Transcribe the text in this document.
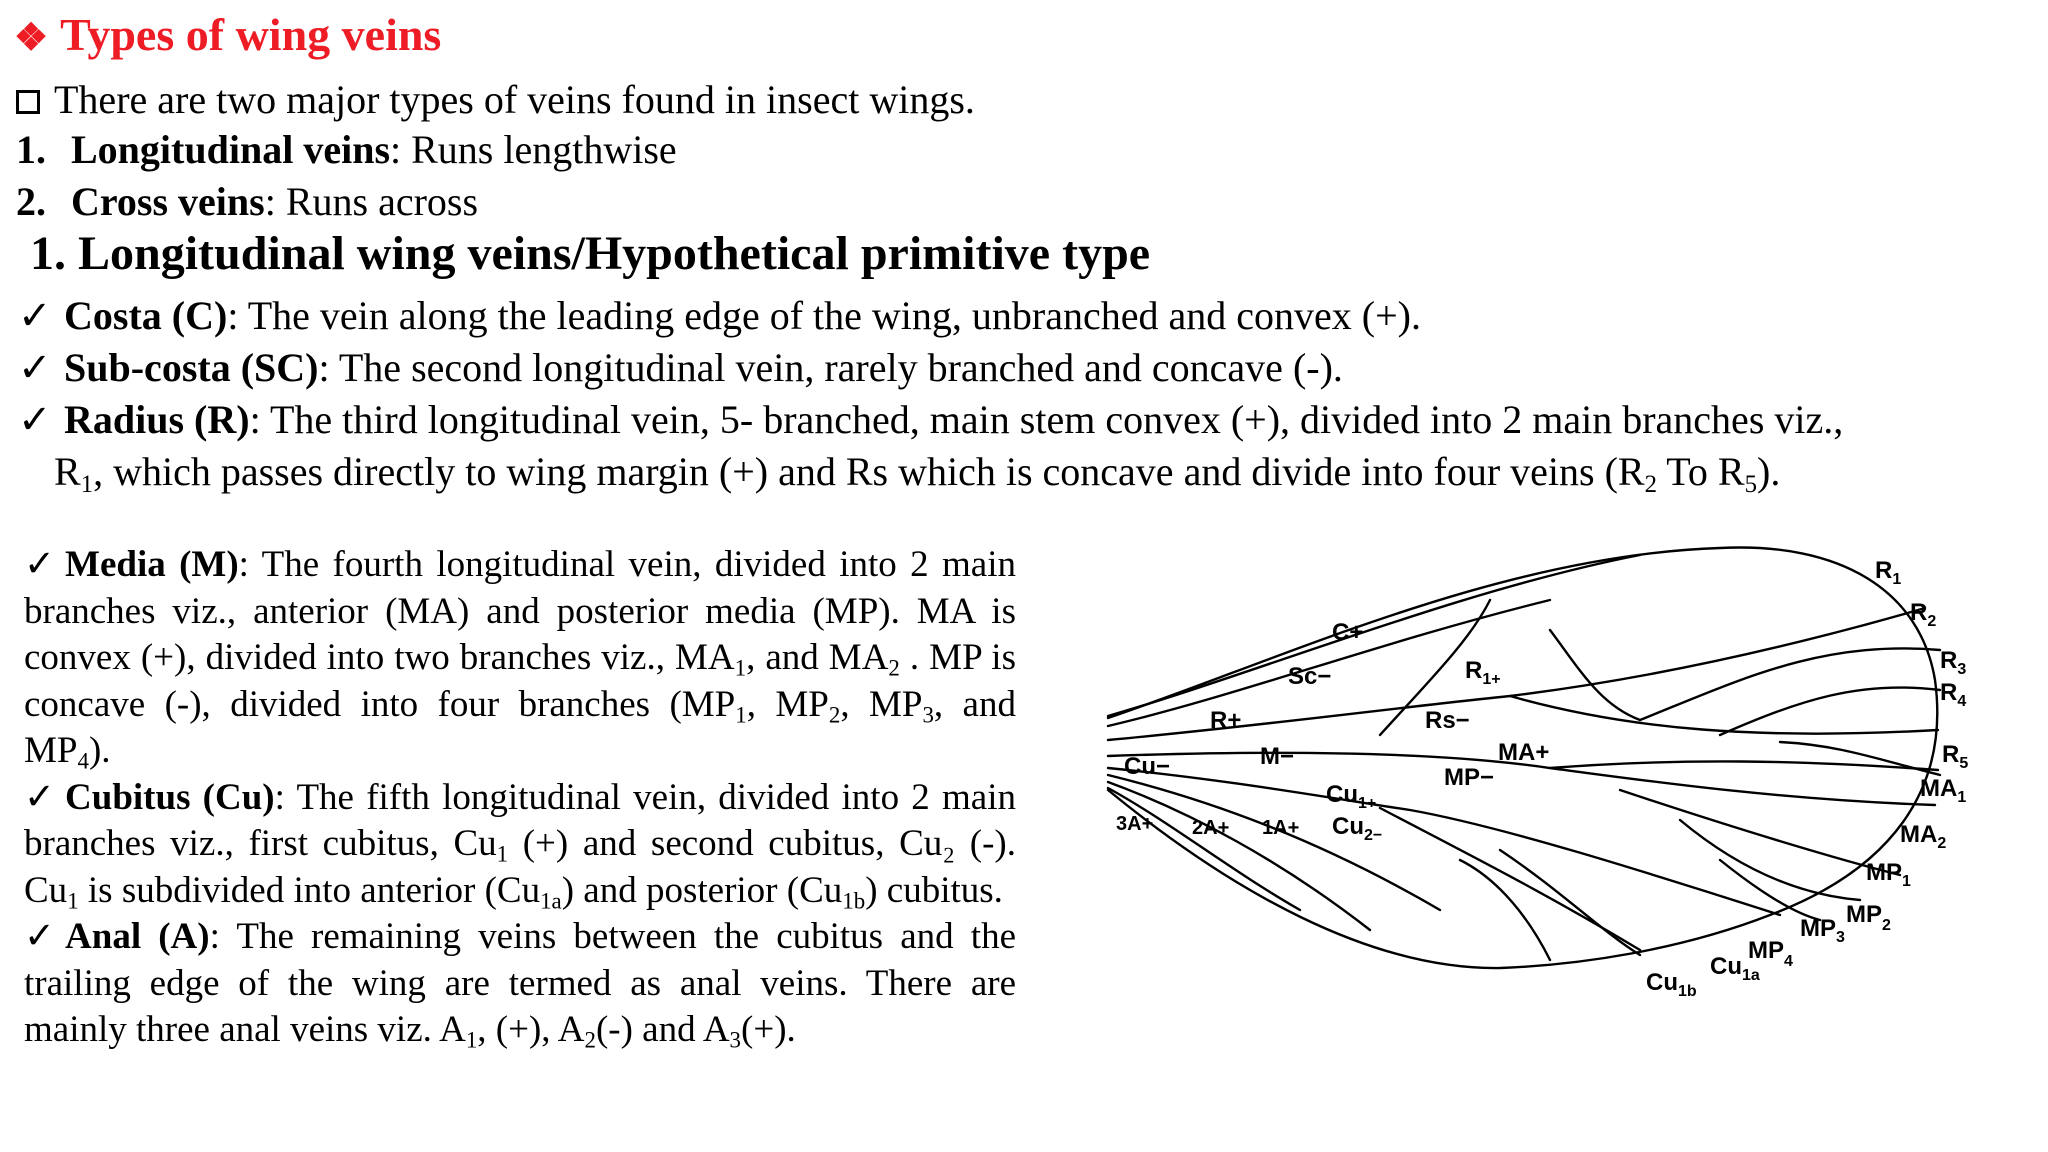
❖ Types of wing veins
There are two major types of veins found in insect wings.
1. Longitudinal veins: Runs lengthwise
2. Cross veins: Runs across
1. Longitudinal wing veins/Hypothetical primitive type
✓ Costa (C): The vein along the leading edge of the wing, unbranched and convex (+).
✓ Sub-costa (SC): The second longitudinal vein, rarely branched and concave (-).
✓ Radius (R): The third longitudinal vein, 5- branched, main stem convex (+), divided into 2 main branches viz.,
$R_1$, which passes directly to wing margin (+) and Rs which is concave and divide into four veins ($R_2$ To $R_5$).

✓ Media (M): The fourth longitudinal vein, divided into 2 main branches viz., anterior (MA) and posterior media (MP). MA is convex (+), divided into two branches viz., $MA_1$, and $MA_2$ . MP is concave (-), divided into four branches ($MP_1$, $MP_2$, $MP_3$, and $MP_4$).

✓ Cubitus (Cu): The fifth longitudinal vein, divided into 2 main branches viz., first cubitus, $Cu_1$ (+) and second cubitus, Cu₂ (-). $Cu_1$ is subdivided into anterior $(Cu_{1a})$ and posterior $(Cu_{1b})$ cubitus.

✓ Anal (A): The remaining veins between the cubitus and the trailing edge of the wing are termed as anal veins. There are mainly three anal veins viz. $A_1$, (+), $A_2(-)$ and $A_3(+)$.

C+
Sc−
R+
M−
Cu−
$R_{1+}$
Rs−
MA+
MP−
$Cu_{1+}$
$Cu_{2-}$
3A+ 2A+ 1A+
$R_1$
$R_2$
$R_3$
$R_4$
$R_5$
$MA_1$
$MA_2$
$MP_1$
$MP_2$
$MP_3$
$MP_4$
$Cu_{1a}$
$Cu_{1b}$
